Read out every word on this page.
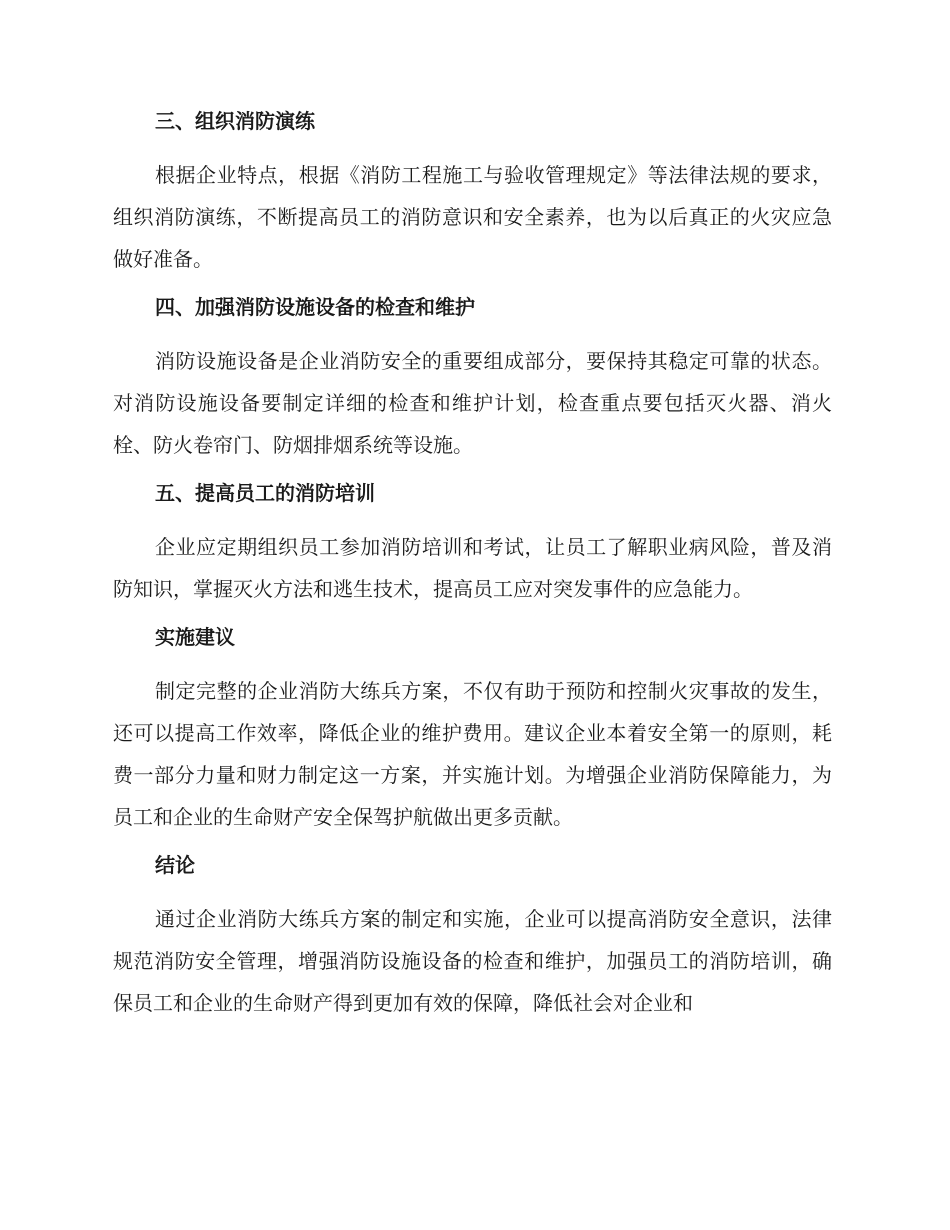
三、组织消防演练

根据企业特点，根据《消防工程施工与验收管理规定》等法律法规的要求，组织消防演练，不断提高员工的消防意识和安全素养，也为以后真正的火灾应急做好准备。

四、加强消防设施设备的检查和维护

消防设施设备是企业消防安全的重要组成部分，要保持其稳定可靠的状态。对消防设施设备要制定详细的检查和维护计划，检查重点要包括灭火器、消火栓、防火卷帘门、防烟排烟系统等设施。

五、提高员工的消防培训

企业应定期组织员工参加消防培训和考试，让员工了解职业病风险，普及消防知识，掌握灭火方法和逃生技术，提高员工应对突发事件的应急能力。

实施建议

制定完整的企业消防大练兵方案，不仅有助于预防和控制火灾事故的发生，还可以提高工作效率，降低企业的维护费用。建议企业本着安全第一的原则，耗费一部分力量和财力制定这一方案，并实施计划。为增强企业消防保障能力，为员工和企业的生命财产安全保驾护航做出更多贡献。

结论

通过企业消防大练兵方案的制定和实施，企业可以提高消防安全意识，法律规范消防安全管理，增强消防设施设备的检查和维护，加强员工的消防培训，确保员工和企业的生命财产得到更加有效的保障，降低社会对企业和
